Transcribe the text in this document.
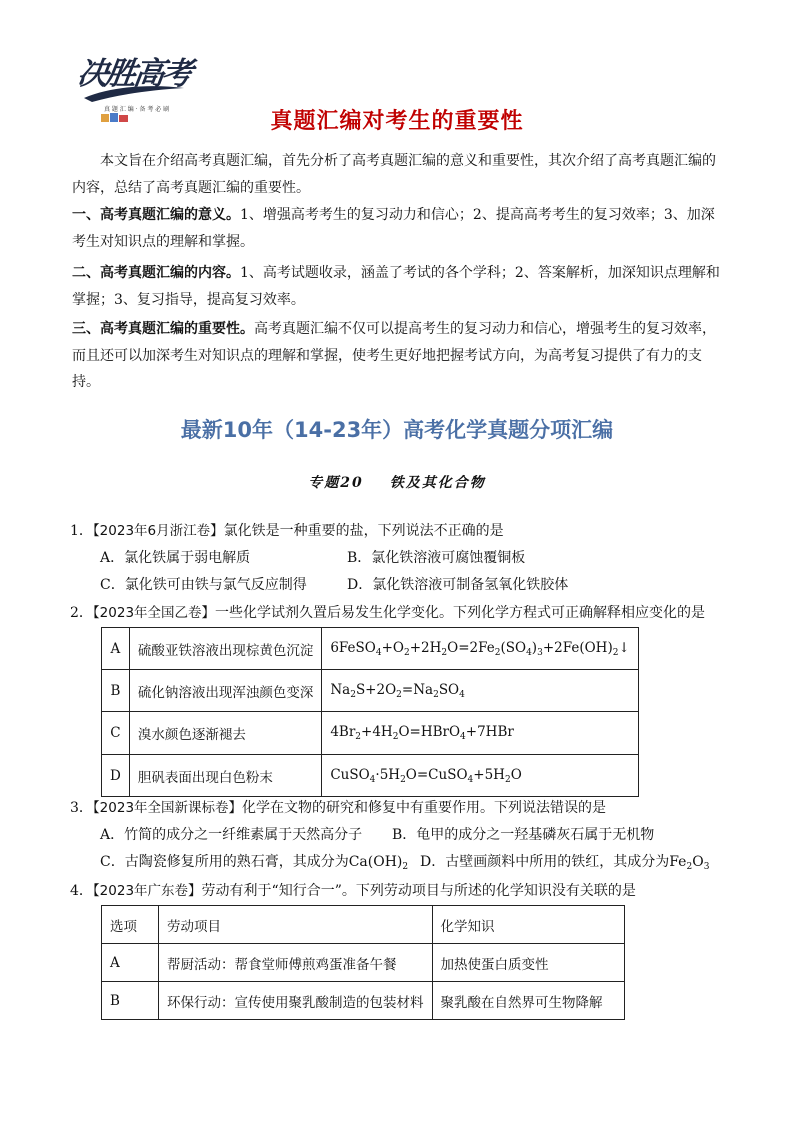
决胜高考
真 题 汇 编 · 备 考 必 刷	真题汇编对考生的重要性
本文旨在介绍高考真题汇编，首先分析了高考真题汇编的意义和重要性，其次介绍了高考真题汇编的内容，总结了高考真题汇编的重要性。
一、高考真题汇编的意义。1、增强高考考生的复习动力和信心；2、提高高考考生的复习效率；3、加深考生对知识点的理解和掌握。
二、高考真题汇编的内容。1、高考试题收录，涵盖了考试的各个学科；2、答案解析，加深知识点理解和掌握；3、复习指导，提高复习效率。
三、高考真题汇编的重要性。高考真题汇编不仅可以提高考生的复习动力和信心，增强考生的复习效率，而且还可以加深考生对知识点的理解和掌握，使考生更好地把握考试方向，为高考复习提供了有力的支持。
最新10年（14-23年）高考化学真题分项汇编
专题20 铁及其化合物
1．【2023年6月浙江卷】氯化铁是一种重要的盐，下列说法不正确的是
A．氯化铁属于弱电解质	B．氯化铁溶液可腐蚀覆铜板
C．氯化铁可由铁与氯气反应制得	D．氯化铁溶液可制备氢氧化铁胶体
2．【2023年全国乙卷】一些化学试剂久置后易发生化学变化。下列化学方程式可正确解释相应变化的是
A	硫酸亚铁溶液出现棕黄色沉淀	$6FeSO_4+O_2+2H_2O=2Fe_2(SO_4)_3+2Fe(OH)_2↓$
B	硫化钠溶液出现浑浊颜色变深	$Na_2S+2O_2=Na_2SO_4$
C	溴水颜色逐渐褪去	$4Br_2+4H_2O=HBrO_4+7HBr$
D	胆矾表面出现白色粉末	$CuSO_4\cdot 5H_2O=CuSO_4+5H_2O$
3．【2023年全国新课标卷】化学在文物的研究和修复中有重要作用。下列说法错误的是
A．竹简的成分之一纤维素属于天然高分子 B．龟甲的成分之一羟基磷灰石属于无机物
C．古陶瓷修复所用的熟石膏，其成分为$Ca(OH)_2$ D．古壁画颜料中所用的铁红，其成分为$Fe_2O_3$
4．【2023年广东卷】劳动有利于“知行合一”。下列劳动项目与所述的化学知识没有关联的是
选项	劳动项目	化学知识
A	帮厨活动：帮食堂师傅煎鸡蛋准备午餐	加热使蛋白质变性
B	环保行动：宣传使用聚乳酸制造的包装材料	聚乳酸在自然界可生物降解
